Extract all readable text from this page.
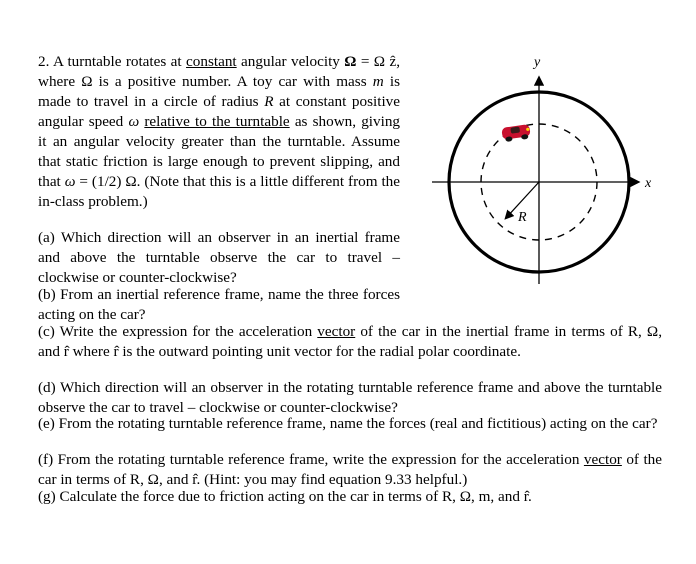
2. A turntable rotates at constant angular velocity Ω = Ω ẑ, where Ω is a positive number. A toy car with mass m is made to travel in a circle of radius R at constant positive angular speed ω relative to the turntable as shown, giving it an angular velocity greater than the turntable. Assume that static friction is large enough to prevent slipping, and that ω = (1/2) Ω. (Note that this is a little different from the in-class problem.)
y
x
R
(a) Which direction will an observer in an inertial frame and above the turntable observe the car to travel – clockwise or counter-clockwise?
(b) From an inertial reference frame, name the three forces acting on the car?
(c) Write the expression for the acceleration vector of the car in the inertial frame in terms of R, Ω, and r̂ where r̂ is the outward pointing unit vector for the radial polar coordinate.
(d) Which direction will an observer in the rotating turntable reference frame and above the turntable observe the car to travel – clockwise or counter-clockwise?
(e) From the rotating turntable reference frame, name the forces (real and fictitious) acting on the car?
(f) From the rotating turntable reference frame, write the expression for the acceleration vector of the car in terms of R, Ω, and r̂. (Hint: you may find equation 9.33 helpful.)
(g) Calculate the force due to friction acting on the car in terms of R, Ω, m, and r̂.
